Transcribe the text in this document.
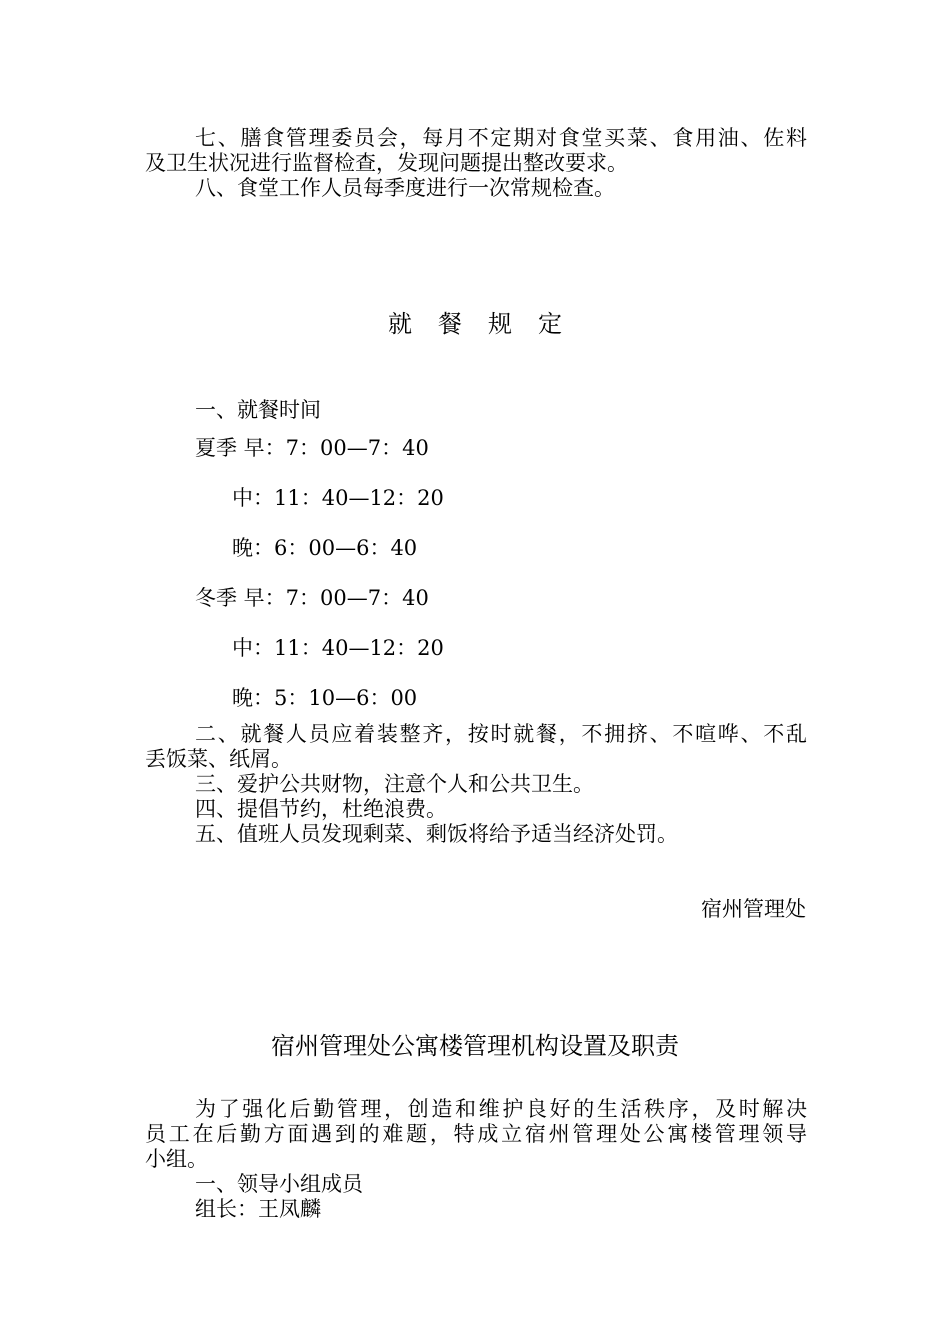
七、膳食管理委员会，每月不定期对食堂买菜、食用油、佐料
及卫生状况进行监督检查，发现问题提出整改要求。
八、食堂工作人员每季度进行一次常规检查。
就餐规定
一、就餐时间
夏季 早：7：00—7：40
中：11：40—12：20
晚：6：00—6：40
冬季 早：7：00—7：40
中：11：40—12：20
晚：5：10—6：00
二、就餐人员应着装整齐，按时就餐，不拥挤、不喧哗、不乱
丢饭菜、纸屑。
三、爱护公共财物，注意个人和公共卫生。
四、提倡节约，杜绝浪费。
五、值班人员发现剩菜、剩饭将给予适当经济处罚。
宿州管理处
宿州管理处公寓楼管理机构设置及职责
为了强化后勤管理，创造和维护良好的生活秩序，及时解决
员工在后勤方面遇到的难题，特成立宿州管理处公寓楼管理领导
小组。
一、领导小组成员
组长：王凤麟
